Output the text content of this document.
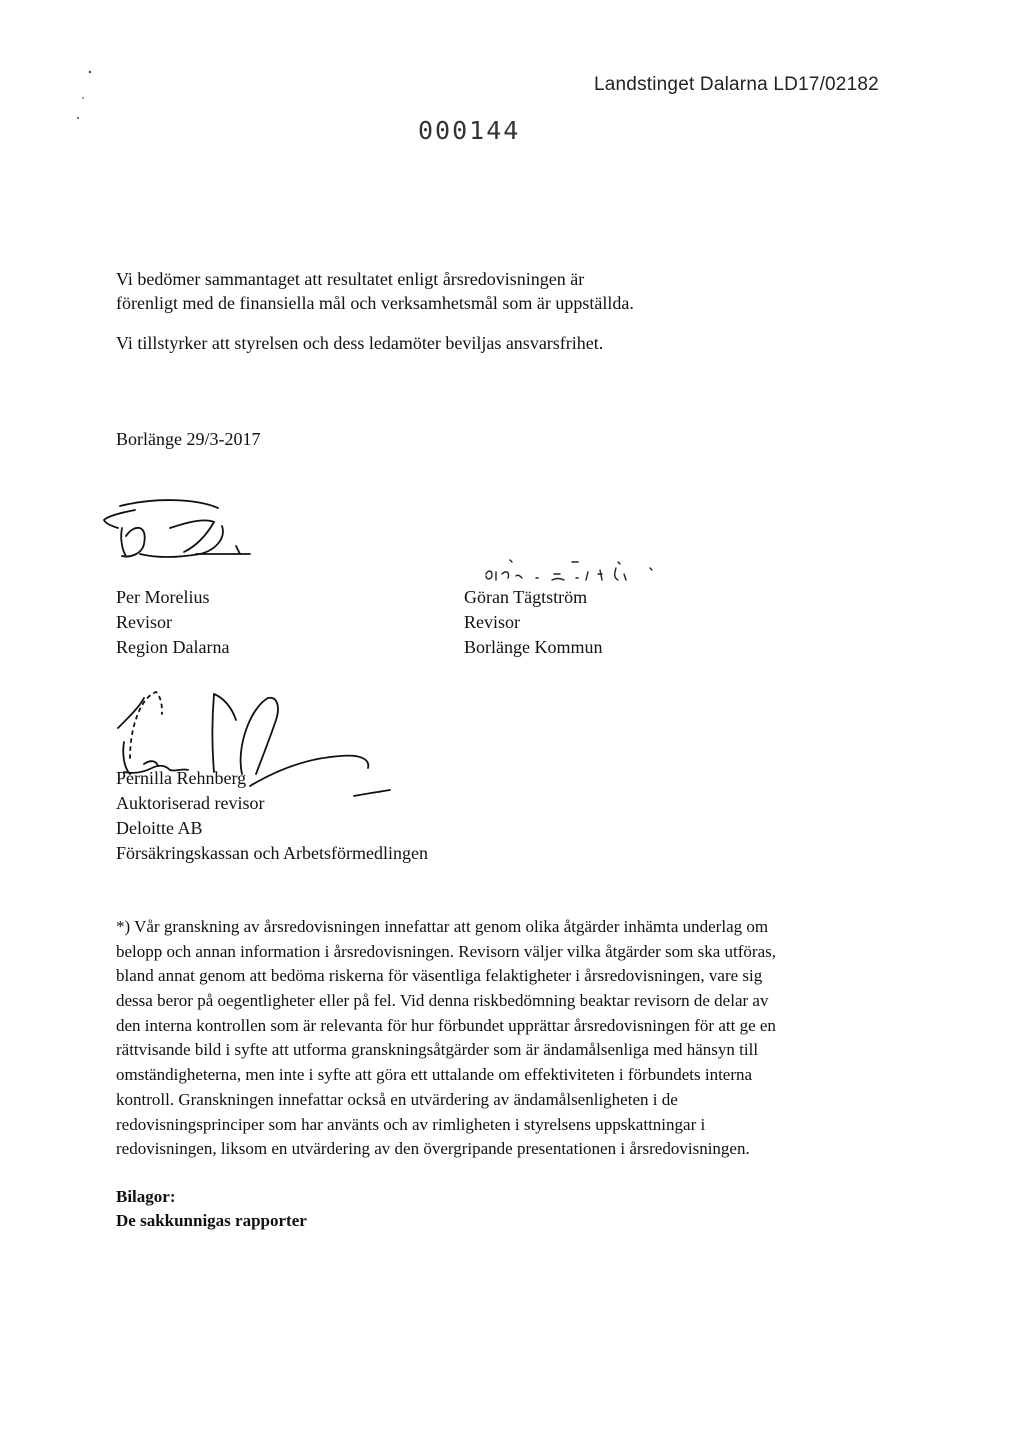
Landstinget Dalarna LD17/02182
000144
Vi bedömer sammantaget att resultatet enligt årsredovisningen är
förenligt med de finansiella mål och verksamhetsmål som är uppställda.
Vi tillstyrker att styrelsen och dess ledamöter beviljas ansvarsfrihet.
Borlänge 29/3-2017
Per Morelius
Revisor
Region Dalarna
Göran Tägtström
Revisor
Borlänge Kommun
Pernilla Rehnberg
Auktoriserad revisor
Deloitte AB
Försäkringskassan och Arbetsförmedlingen
*) Vår granskning av årsredovisningen innefattar att genom olika åtgärder inhämta underlag om
belopp och annan information i årsredovisningen. Revisorn väljer vilka åtgärder som ska utföras,
bland annat genom att bedöma riskerna för väsentliga felaktigheter i årsredovisningen, vare sig
dessa beror på oegentligheter eller på fel. Vid denna riskbedömning beaktar revisorn de delar av
den interna kontrollen som är relevanta för hur förbundet upprättar årsredovisningen för att ge en
rättvisande bild i syfte att utforma granskningsåtgärder som är ändamålsenliga med hänsyn till
omständigheterna, men inte i syfte att göra ett uttalande om effektiviteten i förbundets interna
kontroll. Granskningen innefattar också en utvärdering av ändamålsenligheten i de
redovisningsprinciper som har använts och av rimligheten i styrelsens uppskattningar i
redovisningen, liksom en utvärdering av den övergripande presentationen i årsredovisningen.
Bilagor:
De sakkunnigas rapporter
